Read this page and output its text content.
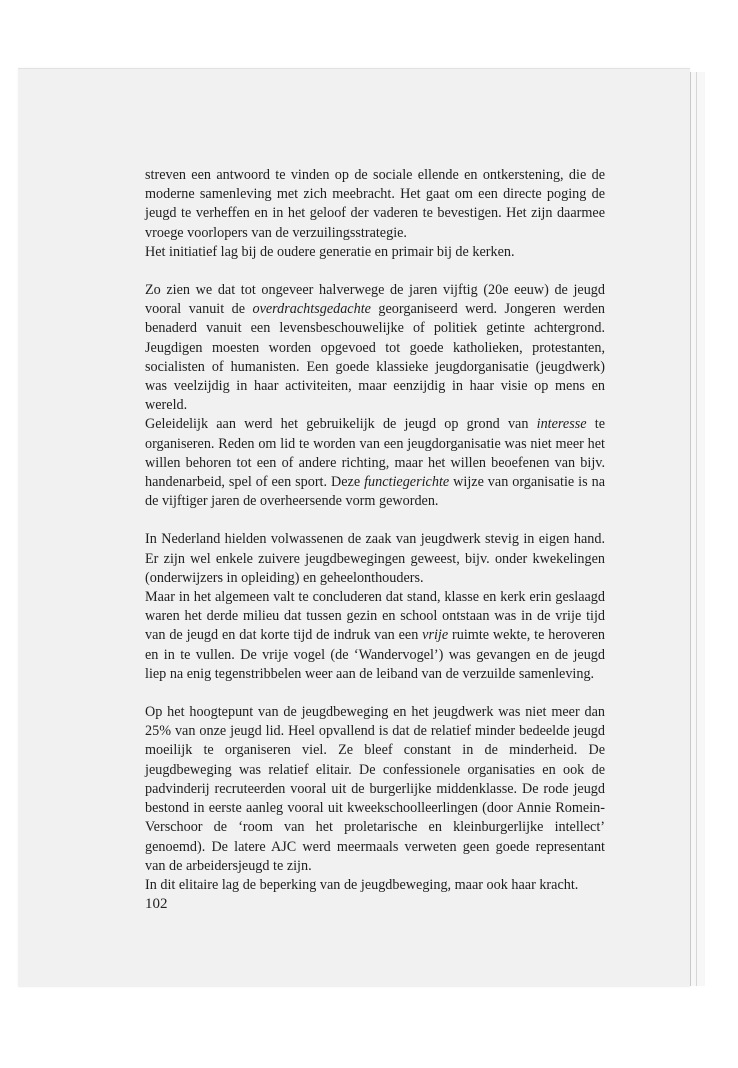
streven een antwoord te vinden op de sociale ellende en ontkerstening, die de moderne samenleving met zich meebracht. Het gaat om een directe poging de jeugd te verheffen en in het geloof der vaderen te bevestigen. Het zijn daarmee vroege voorlopers van de verzuilingsstrategie.

Het initiatief lag bij de oudere generatie en primair bij de kerken.

Zo zien we dat tot ongeveer halverwege de jaren vijftig (20e eeuw) de jeugd vooral vanuit de overdrachtsgedachte georganiseerd werd. Jongeren werden benaderd vanuit een levensbeschouwelijke of politiek getinte achtergrond. Jeugdigen moesten worden opgevoed tot goede katholieken, protestanten, socialisten of humanisten. Een goede klassieke jeugdorganisatie (jeugdwerk) was veelzijdig in haar activiteiten, maar eenzijdig in haar visie op mens en wereld.

Geleidelijk aan werd het gebruikelijk de jeugd op grond van interesse te organiseren. Reden om lid te worden van een jeugdorganisatie was niet meer het willen behoren tot een of andere richting, maar het willen beoefenen van bijv. handenarbeid, spel of een sport. Deze functiegerichte wijze van organisatie is na de vijftiger jaren de overheersende vorm geworden.

In Nederland hielden volwassenen de zaak van jeugdwerk stevig in eigen hand. Er zijn wel enkele zuivere jeugdbewegingen geweest, bijv. onder kwekelingen (onderwijzers in opleiding) en geheelonthouders.

Maar in het algemeen valt te concluderen dat stand, klasse en kerk erin geslaagd waren het derde milieu dat tussen gezin en school ontstaan was in de vrije tijd van de jeugd en dat korte tijd de indruk van een vrije ruimte wekte, te heroveren en in te vullen. De vrije vogel (de ‘Wandervogel’) was gevangen en de jeugd liep na enig tegenstribbelen weer aan de leiband van de verzuilde samenleving.

Op het hoogtepunt van de jeugdbeweging en het jeugdwerk was niet meer dan 25% van onze jeugd lid. Heel opvallend is dat de relatief minder bedeelde jeugd moeilijk te organiseren viel. Ze bleef constant in de minderheid. De jeugdbeweging was relatief elitair. De confessionele organisaties en ook de padvinderij recruteerden vooral uit de burgerlijke middenklasse. De rode jeugd bestond in eerste aanleg vooral uit kweekschoolleerlingen (door Annie Romein-Verschoor de ‘room van het proletarische en kleinburgerlijke intellect’ genoemd). De latere AJC werd meermaals verweten geen goede representant van de arbeidersjeugd te zijn.

In dit elitaire lag de beperking van de jeugdbeweging, maar ook haar kracht.

102
